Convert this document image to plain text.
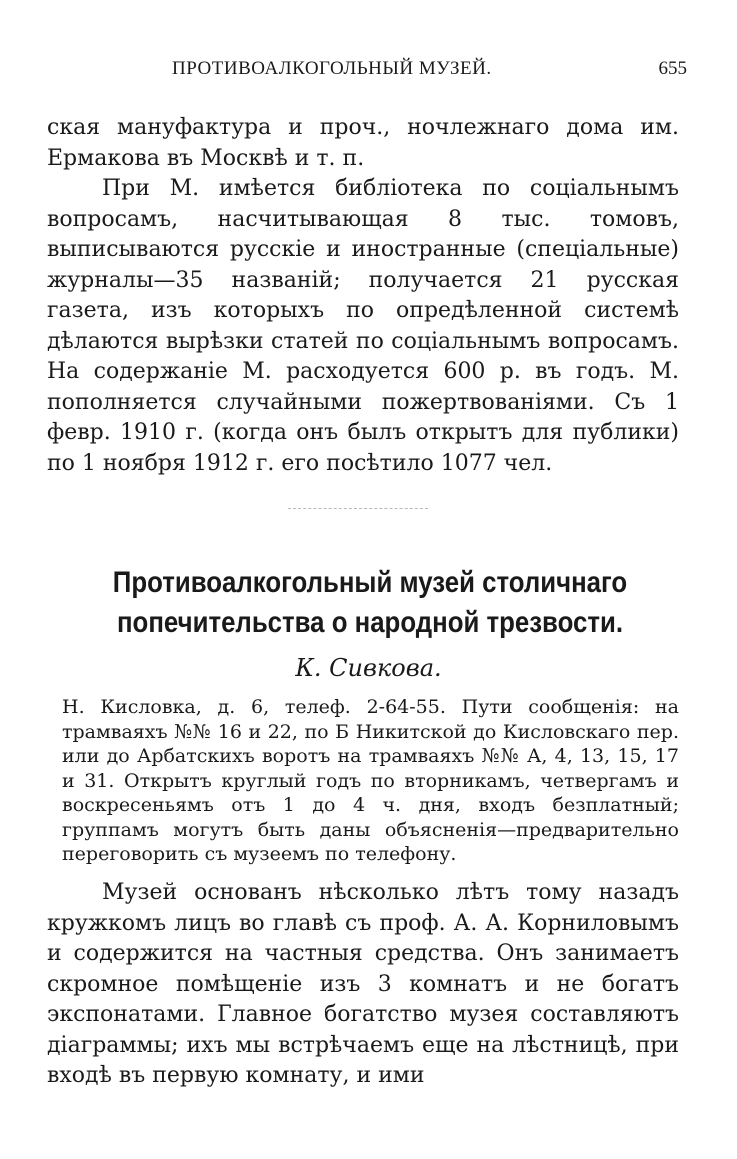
ПРОТИВОАЛКОГОЛЬНЫЙ МУЗЕЙ.	655

ская мануфактура и проч., ночлежнаго дома им. Ермакова въ Москвѣ и т. п.

При М. имѣется библіотека по соціальнымъ вопросамъ, насчитывающая 8 тыс. томовъ, выписываются русскіе и иностранные (спеціальные) журналы—35 названій; получается 21 русская газета, изъ которыхъ по опредѣленной системѣ дѣлаются вырѣзки статей по соціальнымъ вопросамъ. На содержаніе М. расходуется 600 р. въ годъ. М. пополняется случайными пожертвованіями. Съ 1 февр. 1910 г. (когда онъ былъ открытъ для публики) по 1 ноября 1912 г. его посѣтило 1077 чел.

Противоалкогольный музей столичнаго
попечительства о народной трезвости.
К. Сивкова.

Н. Кисловка, д. 6, телеф. 2-64-55. Пути сообщенія: на трамваяхъ №№ 16 и 22, по Б Никитской до Кисловскаго пер. или до Арбатскихъ воротъ на трамваяхъ №№ А, 4, 13, 15, 17 и 31. Открытъ круглый годъ по вторникамъ, четвергамъ и воскресеньямъ отъ 1 до 4 ч. дня, входъ безплатный; группамъ могутъ быть даны объясненія—предварительно переговорить съ музеемъ по телефону.

Музей основанъ нѣсколько лѣтъ тому назадъ кружкомъ лицъ во главѣ съ проф. А. А. Корниловымъ и содержится на частныя средства. Онъ занимаетъ скромное помѣщеніе изъ 3 комнатъ и не богатъ экспонатами. Главное богатство музея составляютъ діаграммы; ихъ мы встрѣчаемъ еще на лѣстницѣ, при входѣ въ первую комнату, и ими
